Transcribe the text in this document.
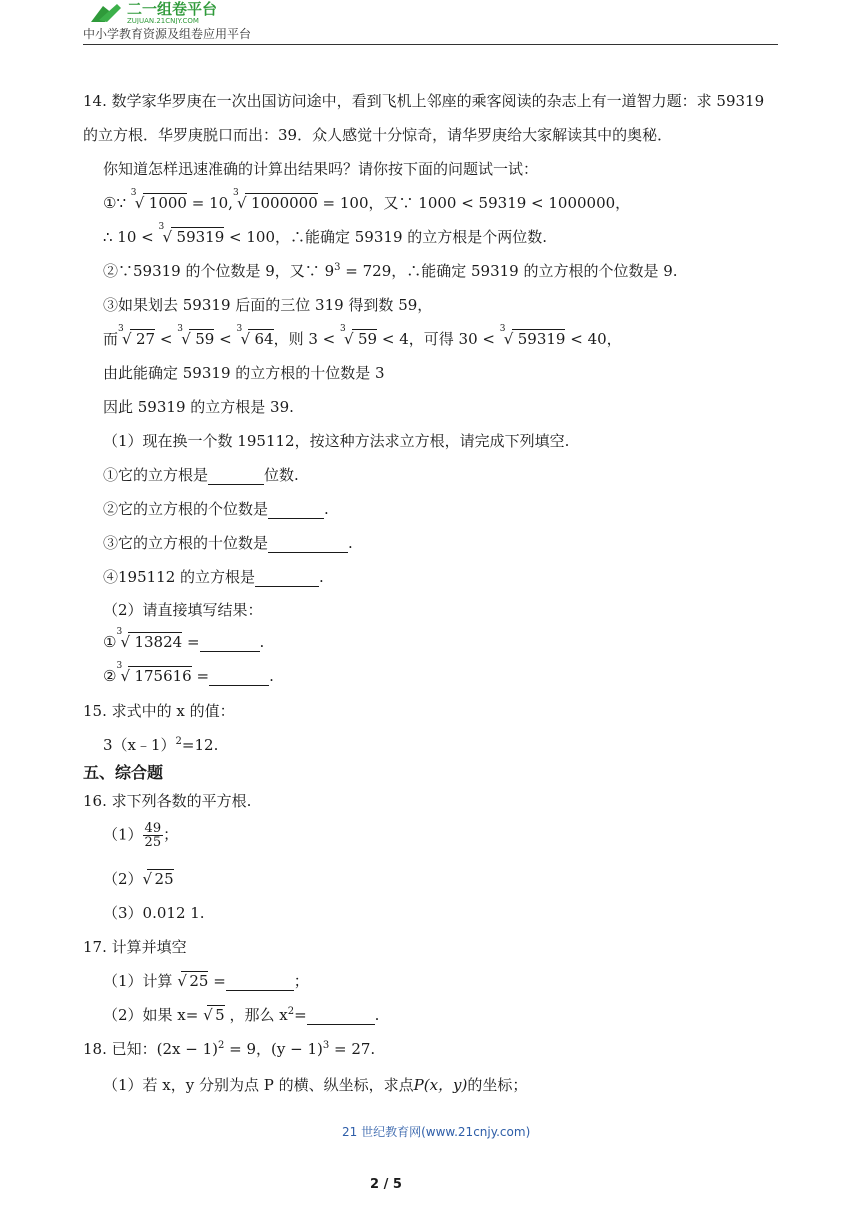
二一组卷平台
ZUJUAN.21CNJY.COM
中小学教育资源及组卷应用平台
14. 数学家华罗庚在一次出国访问途中，看到飞机上邻座的乘客阅读的杂志上有一道智力题：求 59319
的立方根．华罗庚脱口而出：39．众人感觉十分惊奇，请华罗庚给大家解读其中的奥秘．
你知道怎样迅速准确的计算出结果吗？请你按下面的问题试一试：
①∵
3
√ 1000 = 10,
3
√ 1000000 = 100，又∵ 1000 < 59319 < 1000000，
∴ 10 <
3
√ 59319 < 100，∴能确定 59319 的立方根是个两位数.
②∵59319 的个位数是 9，又∵ $9^3 = 729$，∴能确定 59319 的立方根的个位数是 9.
③如果划去 59319 后面的三位 319 得到数 59，
而
3
√ 27 <
3
√ 59 <
3
√ 64，则 3 <
3
√ 59 < 4，可得 30 <
3
√ 59319 < 40，
由此能确定 59319 的立方根的十位数是 3
因此 59319 的立方根是 39.
（1）现在换一个数 195112，按这种方法求立方根，请完成下列填空.
①它的立方根是	位数.
②它的立方根的个位数是	.
③它的立方根的十位数是	.
④195112 的立方根是	.
（2）请直接填写结果：
①
3
√ 13824 =	.
②
3
√ 175616 =	.
15. 求式中的 x 的值：
3（x﹣1）$^2$=12.
五、综合题
16. 求下列各数的平方根.
$(1) \frac{49}{25}$ ；
（2） √ 25
（3）0.012 1.
17. 计算并填空
（1）计算 √ 25 =	；
（2）如果 x= √ 5 ，那么 $x^2=$	.
18. 已知：$(2x - 1)^2 = 9$，$(y - 1)^3 = 27$.
（1）若 x，y 分别为点 P 的横、纵坐标，求点P(x，y)的坐标；
21 世纪教育网(www.21cnjy.com)
2 / 5
